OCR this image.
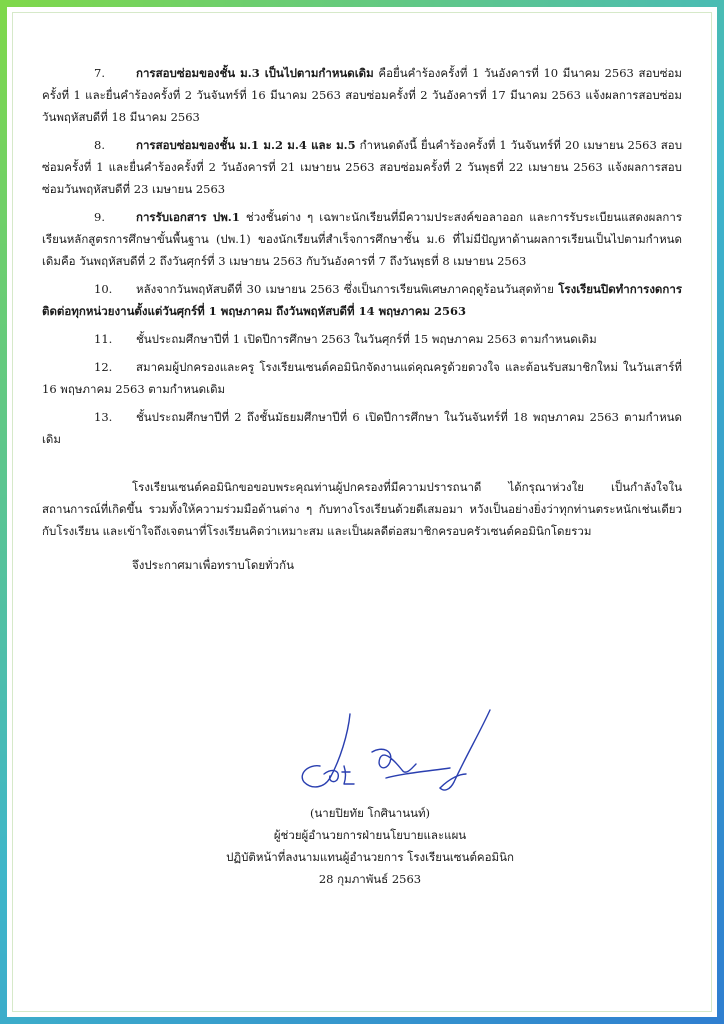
7.	การสอบซ่อมของชั้น ม.3 เป็นไปตามกำหนดเดิม คือยื่นคำร้องครั้งที่ 1 วันอังคารที่ 10 มีนาคม 2563 สอบซ่อมครั้งที่ 1 และยื่นคำร้องครั้งที่ 2 วันจันทร์ที่ 16 มีนาคม 2563 สอบซ่อมครั้งที่ 2 วันอังคารที่ 17 มีนาคม 2563 แจ้งผลการสอบซ่อมวันพฤหัสบดีที่ 18 มีนาคม 2563

8.	การสอบซ่อมของชั้น ม.1 ม.2 ม.4 และ ม.5 กำหนดดังนี้ ยื่นคำร้องครั้งที่ 1 วันจันทร์ที่ 20 เมษายน 2563 สอบซ่อมครั้งที่ 1 และยื่นคำร้องครั้งที่ 2 วันอังคารที่ 21 เมษายน 2563 สอบซ่อมครั้งที่ 2 วันพุธที่ 22 เมษายน 2563 แจ้งผลการสอบซ่อมวันพฤหัสบดีที่ 23 เมษายน 2563

9.	การรับเอกสาร ปพ.1 ช่วงชั้นต่าง ๆ เฉพาะนักเรียนที่มีความประสงค์ขอลาออก และการรับระเบียนแสดงผลการเรียนหลักสูตรการศึกษาขั้นพื้นฐาน (ปพ.1) ของนักเรียนที่สำเร็จการศึกษาชั้น ม.6 ที่ไม่มีปัญหาด้านผลการเรียนเป็นไปตามกำหนดเดิมคือ วันพฤหัสบดีที่ 2 ถึงวันศุกร์ที่ 3 เมษายน 2563 กับวันอังคารที่ 7 ถึงวันพุธที่ 8 เมษายน 2563

10. หลังจากวันพฤหัสบดีที่ 30 เมษายน 2563 ซึ่งเป็นการเรียนพิเศษภาคฤดูร้อนวันสุดท้าย โรงเรียนปิดทำการงดการติดต่อทุกหน่วยงานตั้งแต่วันศุกร์ที่ 1 พฤษภาคม ถึงวันพฤหัสบดีที่ 14 พฤษภาคม 2563

11. ชั้นประถมศึกษาปีที่ 1 เปิดปีการศึกษา 2563 ในวันศุกร์ที่ 15 พฤษภาคม 2563 ตามกำหนดเดิม

12. สมาคมผู้ปกครองและครู โรงเรียนเซนต์คอมินิกจัดงานแด่คุณครูด้วยดวงใจ และต้อนรับสมาชิกใหม่ ในวันเสาร์ที่ 16 พฤษภาคม 2563 ตามกำหนดเดิม

13. ชั้นประถมศึกษาปีที่ 2 ถึงชั้นมัธยมศึกษาปีที่ 6 เปิดปีการศึกษา ในวันจันทร์ที่ 18 พฤษภาคม 2563 ตามกำหนดเดิม

โรงเรียนเซนต์คอมินิกขอขอบพระคุณท่านผู้ปกครองที่มีความปรารถนาดี ได้กรุณาห่วงใย เป็นกำลังใจในสถานการณ์ที่เกิดขึ้น รวมทั้งให้ความร่วมมือด้านต่าง ๆ กับทางโรงเรียนด้วยดีเสมอมา หวังเป็นอย่างยิ่งว่าทุกท่านตระหนักเช่นเดียวกับโรงเรียน และเข้าใจถึงเจตนาที่โรงเรียนคิดว่าเหมาะสม และเป็นผลดีต่อสมาชิกครอบครัวเซนต์คอมินิกโดยรวม

จึงประกาศมาเพื่อทราบโดยทั่วกัน

(นายปิยทัย โกศินานนท์)
ผู้ช่วยผู้อำนวยการฝ่ายนโยบายและแผน
ปฏิบัติหน้าที่ลงนามแทนผู้อำนวยการ โรงเรียนเซนต์คอมินิก
28 กุมภาพันธ์ 2563
